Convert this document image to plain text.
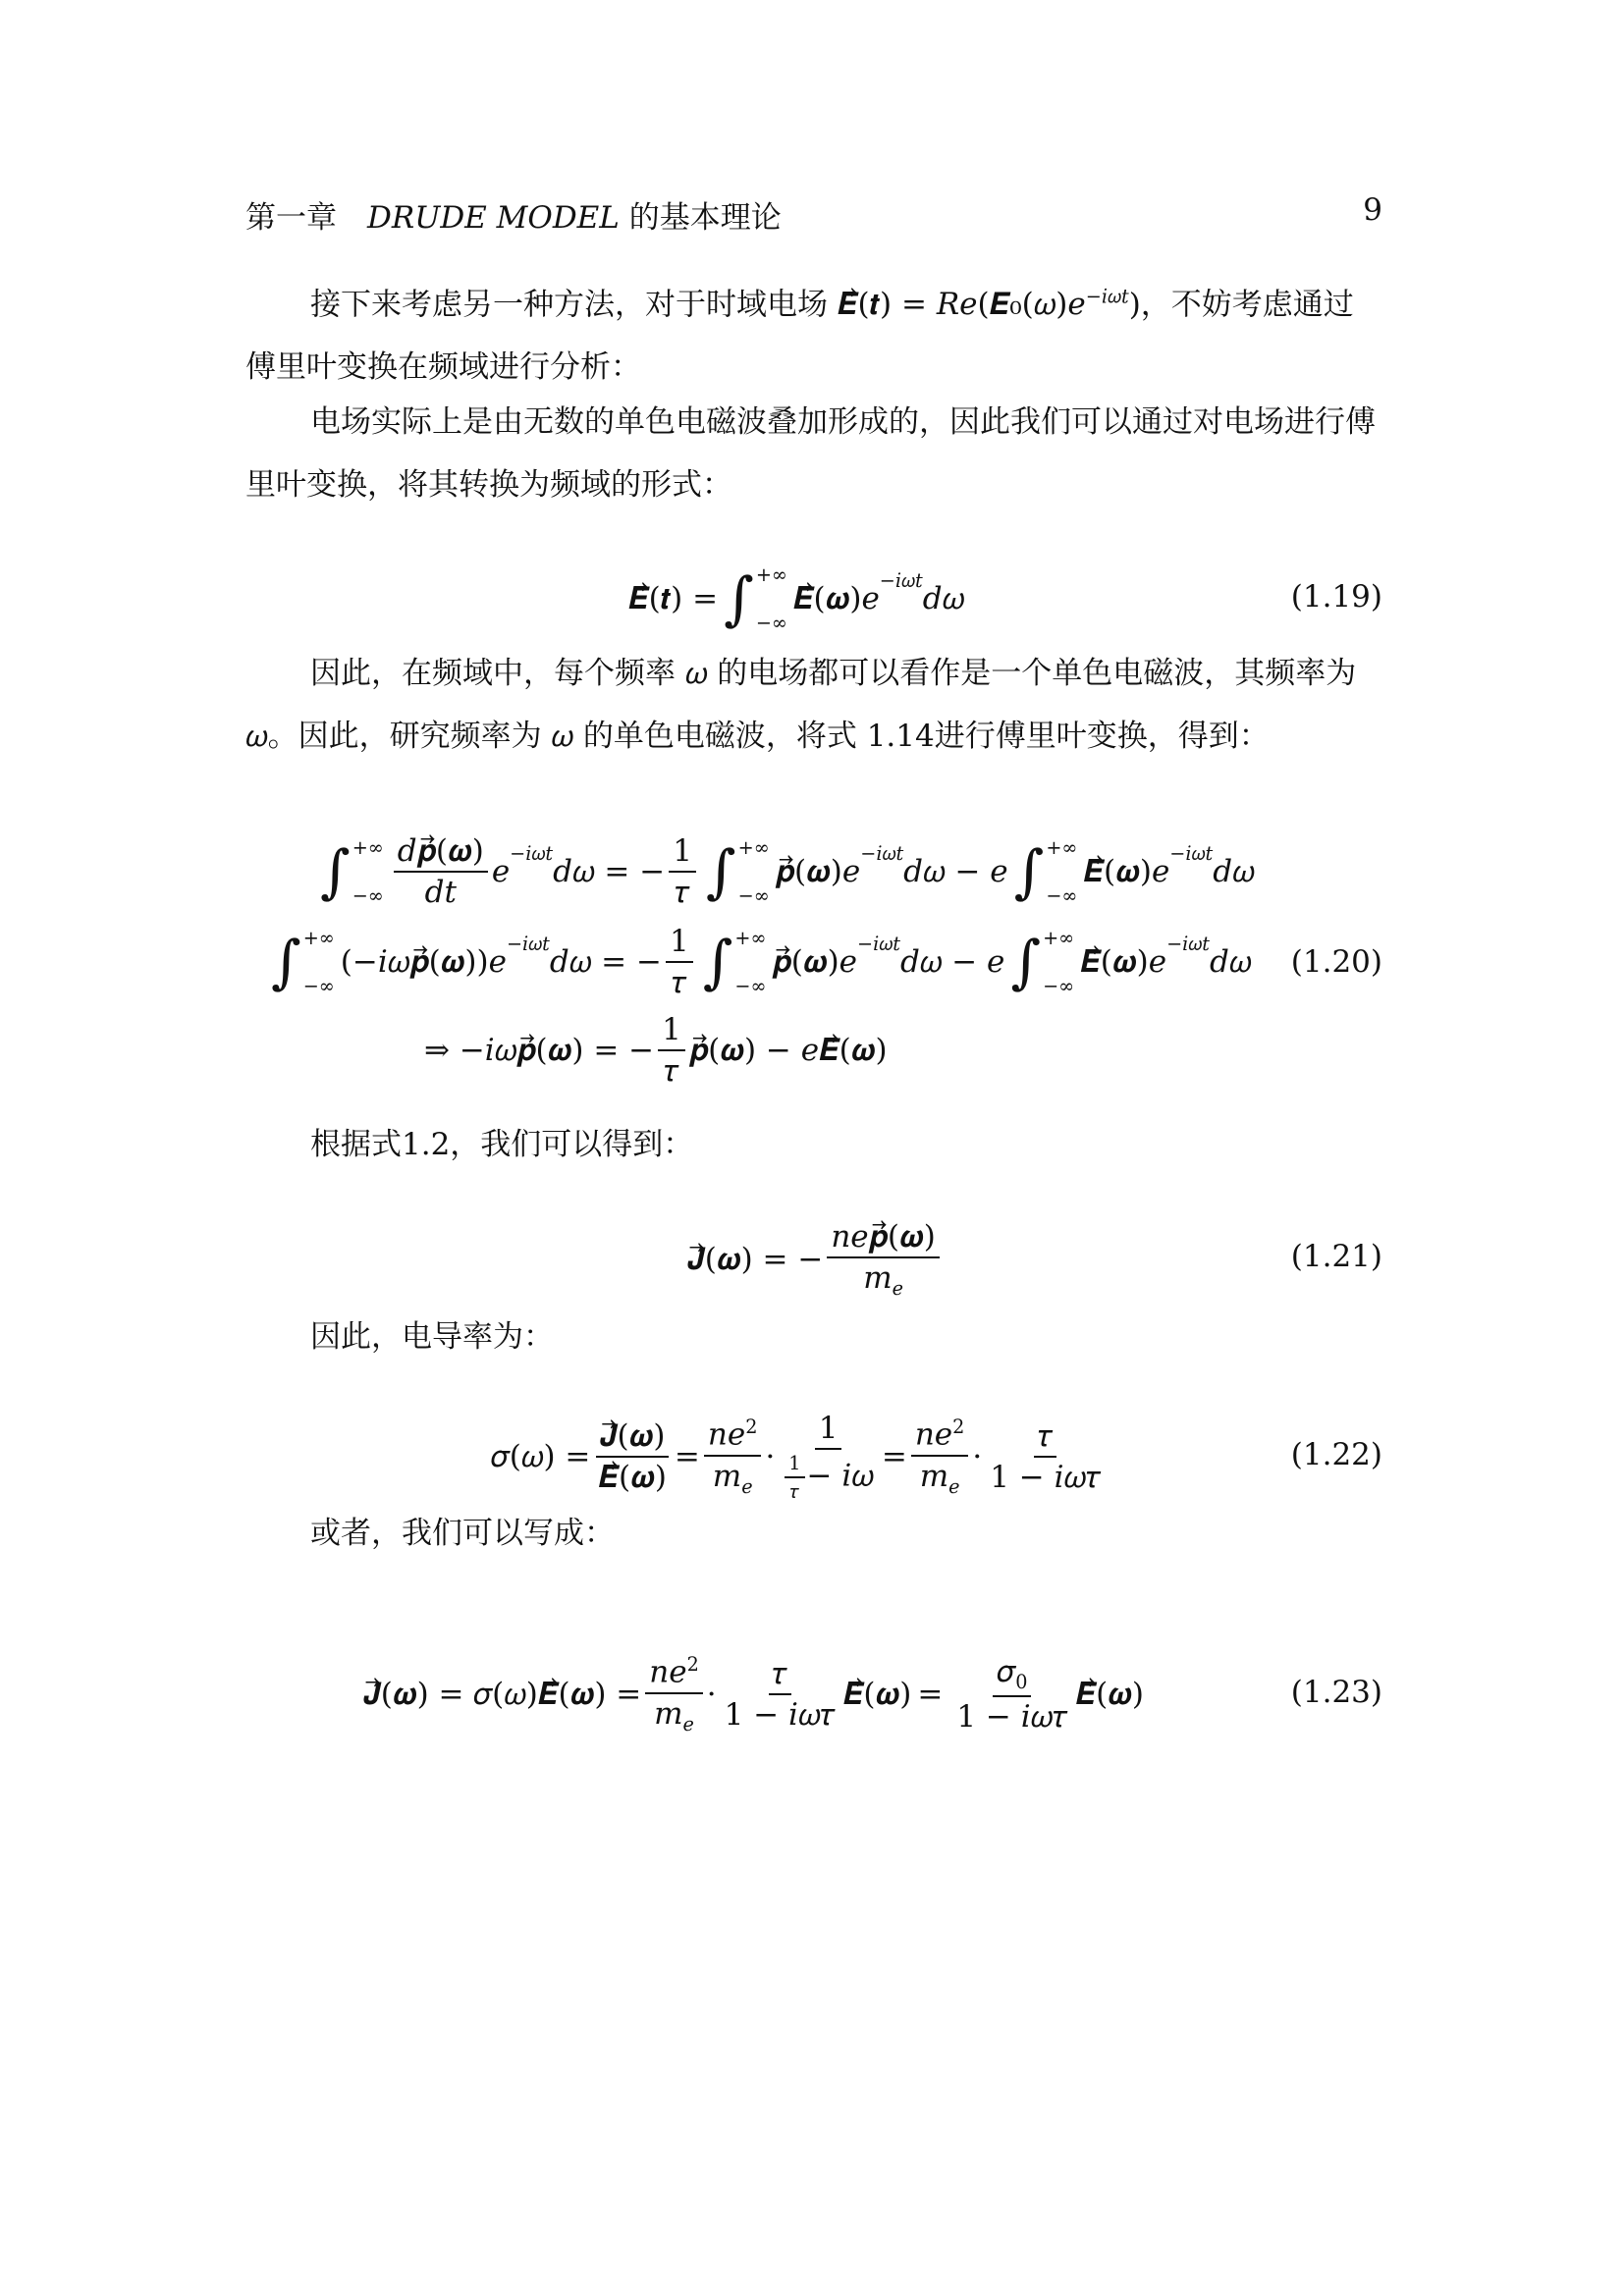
第一章　𝐷𝑅𝑈𝐷𝐸 𝑀𝑂𝐷𝐸𝐿 的基本理论	9
接下来考虑另一种方法，对于时域电场 𝑬⃗(𝒕) = 𝑅𝑒(𝑬₀(𝜔)𝑒$^{-𝑖𝜔𝑡}$)，不妨考虑通过傅里叶变换在频域进行分析：
电场实际上是由无数的单色电磁波叠加形成的，因此我们可以通过对电场进行傅里叶变换，将其转换为频域的形式：
𝑬⃗(𝒕) = ∫ +∞
−∞
𝑬⃗(𝝎)𝑒$^{-𝑖𝜔𝑡}$ 𝑑𝜔	(1.19)
因此，在频域中，每个频率 𝜔 的电场都可以看作是一个单色电磁波，其频率为 𝜔。因此，研究频率为 𝜔 的单色电磁波，将式 1.14进行傅里叶变换，得到：
∫ +∞
−∞ $\frac{\text{𝑑𝒑⃗(𝝎)}}{\text{𝑑𝑡}}$ 𝑒
$^{-𝑖𝜔𝑡}$ 𝑑𝜔 = − $\frac{1}{\text{𝜏}}$ ∫ +∞
−∞
𝒑⃗(𝝎)𝑒$^{-𝑖𝜔𝑡}$ 𝑑𝜔 − 𝑒 ∫ +∞
−∞
𝑬⃗(𝝎)𝑒$^{-𝑖𝜔𝑡}$ 𝑑𝜔
∫ +∞
−∞
(−𝑖𝜔𝒑⃗(𝝎))𝑒$^{-𝑖𝜔𝑡}$ 𝑑𝜔 = − $\frac{1}{\text{𝜏}}$ ∫ +∞
−∞
𝒑⃗(𝝎)𝑒$^{-𝑖𝜔𝑡}$ 𝑑𝜔 − 𝑒 ∫ +∞
−∞
𝑬⃗(𝝎)𝑒$^{-𝑖𝜔𝑡}$ 𝑑𝜔 (1.20)
⇒ −𝑖𝜔𝒑⃗(𝝎) = − $\frac{1}{\text{𝜏}}$ 𝒑⃗(𝝎) − 𝑒𝑬⃗(𝝎)
根据式1.2，我们可以得到：
𝑱⃗(𝝎) = − $\frac{\text{𝑛𝑒𝒑⃗(𝝎)}}{𝑚_𝑒}$	(1.21)
因此，电导率为：
𝜎(𝜔) = $\frac{\text{𝑱⃗(𝝎)}}{\text{𝑬⃗(𝝎)}} = \frac{𝑛𝑒^2}{𝑚_𝑒} \cdot \frac{1}{\frac{1}{\text{𝜏}} - 𝑖𝜔} = \frac{𝑛𝑒^2}{𝑚_𝑒} \cdot \frac{\text{𝜏}}{\text{1 − 𝑖𝜔𝜏}}$	(1.22)
或者，我们可以写成：
𝑱⃗(𝝎) = 𝜎(𝜔)𝑬⃗(𝝎) = $\frac{𝑛𝑒^2}{𝑚_𝑒} \cdot \frac{\text{𝜏}}{\text{1 − 𝑖𝜔𝜏}}$ 𝑬⃗(𝝎) = $\frac{𝜎_0}{\text{1 − 𝑖𝜔𝜏}}$ 𝑬⃗(𝝎)	(1.23)
